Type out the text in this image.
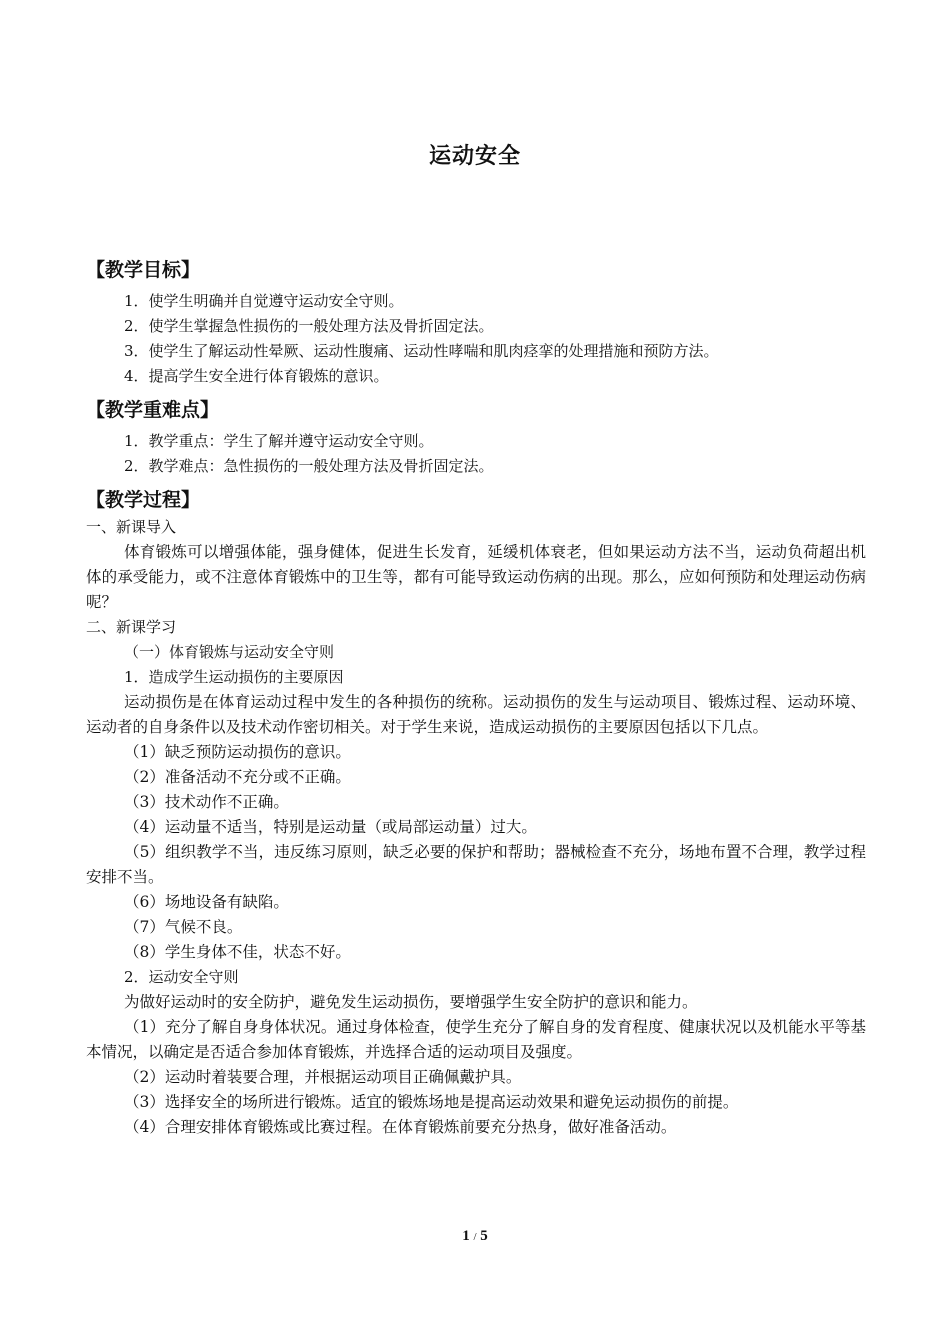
运动安全
【教学目标】
1．使学生明确并自觉遵守运动安全守则。
2．使学生掌握急性损伤的一般处理方法及骨折固定法。
3．使学生了解运动性晕厥、运动性腹痛、运动性哮喘和肌肉痉挛的处理措施和预防方法。
4．提高学生安全进行体育锻炼的意识。
【教学重难点】
1．教学重点：学生了解并遵守运动安全守则。
2．教学难点：急性损伤的一般处理方法及骨折固定法。
【教学过程】
一、新课导入
体育锻炼可以增强体能，强身健体，促进生长发育，延缓机体衰老，但如果运动方法不当，运动负荷超出机体的承受能力，或不注意体育锻炼中的卫生等，都有可能导致运动伤病的出现。那么，应如何预防和处理运动伤病呢？
二、新课学习
（一）体育锻炼与运动安全守则
1．造成学生运动损伤的主要原因
运动损伤是在体育运动过程中发生的各种损伤的统称。运动损伤的发生与运动项目、锻炼过程、运动环境、运动者的自身条件以及技术动作密切相关。对于学生来说，造成运动损伤的主要原因包括以下几点。
（1）缺乏预防运动损伤的意识。
（2）准备活动不充分或不正确。
（3）技术动作不正确。
（4）运动量不适当，特别是运动量（或局部运动量）过大。
（5）组织教学不当，违反练习原则，缺乏必要的保护和帮助；器械检查不充分，场地布置不合理，教学过程安排不当。
（6）场地设备有缺陷。
（7）气候不良。
（8）学生身体不佳，状态不好。
2．运动安全守则
为做好运动时的安全防护，避免发生运动损伤，要增强学生安全防护的意识和能力。
（1）充分了解自身身体状况。通过身体检查，使学生充分了解自身的发育程度、健康状况以及机能水平等基本情况，以确定是否适合参加体育锻炼，并选择合适的运动项目及强度。
（2）运动时着装要合理，并根据运动项目正确佩戴护具。
（3）选择安全的场所进行锻炼。适宜的锻炼场地是提高运动效果和避免运动损伤的前提。
（4）合理安排体育锻炼或比赛过程。在体育锻炼前要充分热身，做好准备活动。
1 / 5
